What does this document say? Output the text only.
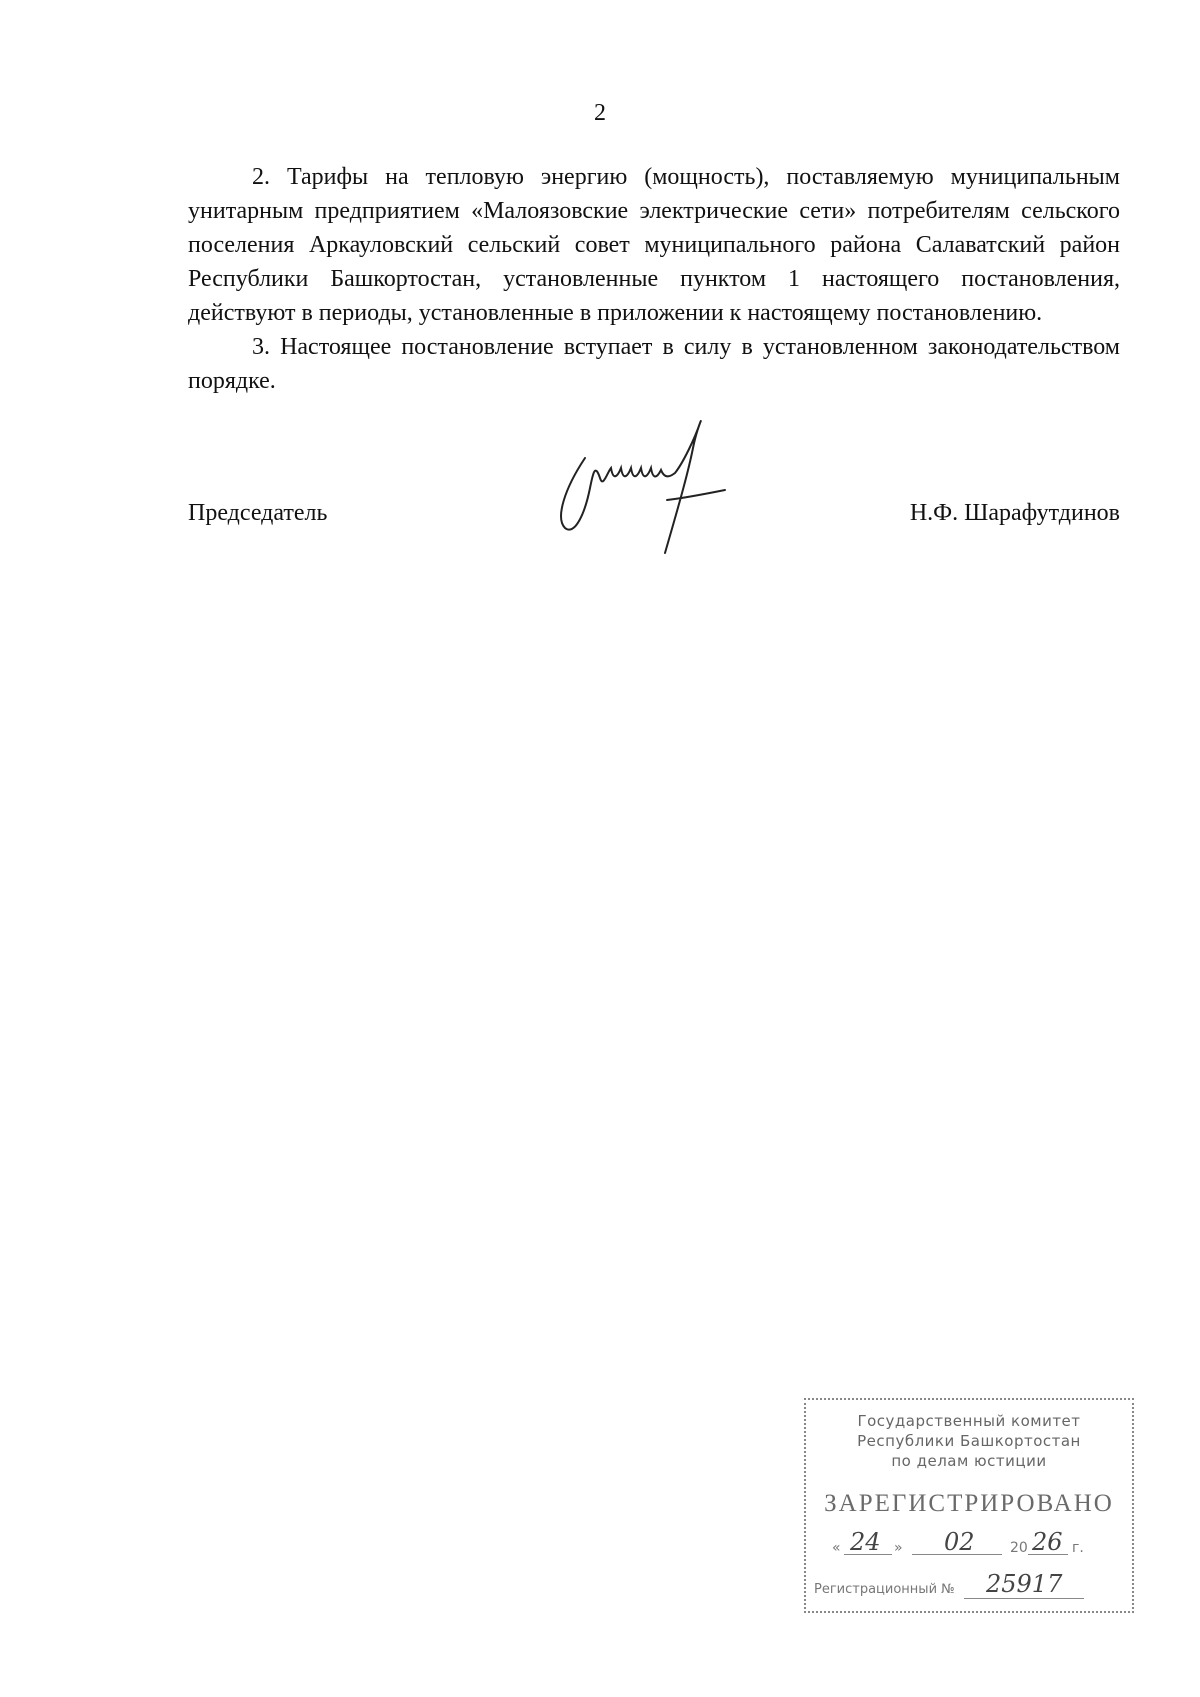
2

2. Тарифы на тепловую энергию (мощность), поставляемую муниципальным унитарным предприятием «Малоязовские электрические сети» потребителям сельского поселения Аркауловский сельский совет муниципального района Салаватский район Республики Башкортостан, установленные пунктом 1 настоящего постановления, действуют в периоды, установленные в приложении к настоящему постановлению.

3. Настоящее постановление вступает в силу в установленном законодательством порядке.

Председатель	Н.Ф. Шарафутдинов
Государственный комитет
Республики Башкортостан
по делам юстиции
ЗАРЕГИСТРИРОВАНО
« 24 » 02	20 26 г.
Регистрационный № 25917
